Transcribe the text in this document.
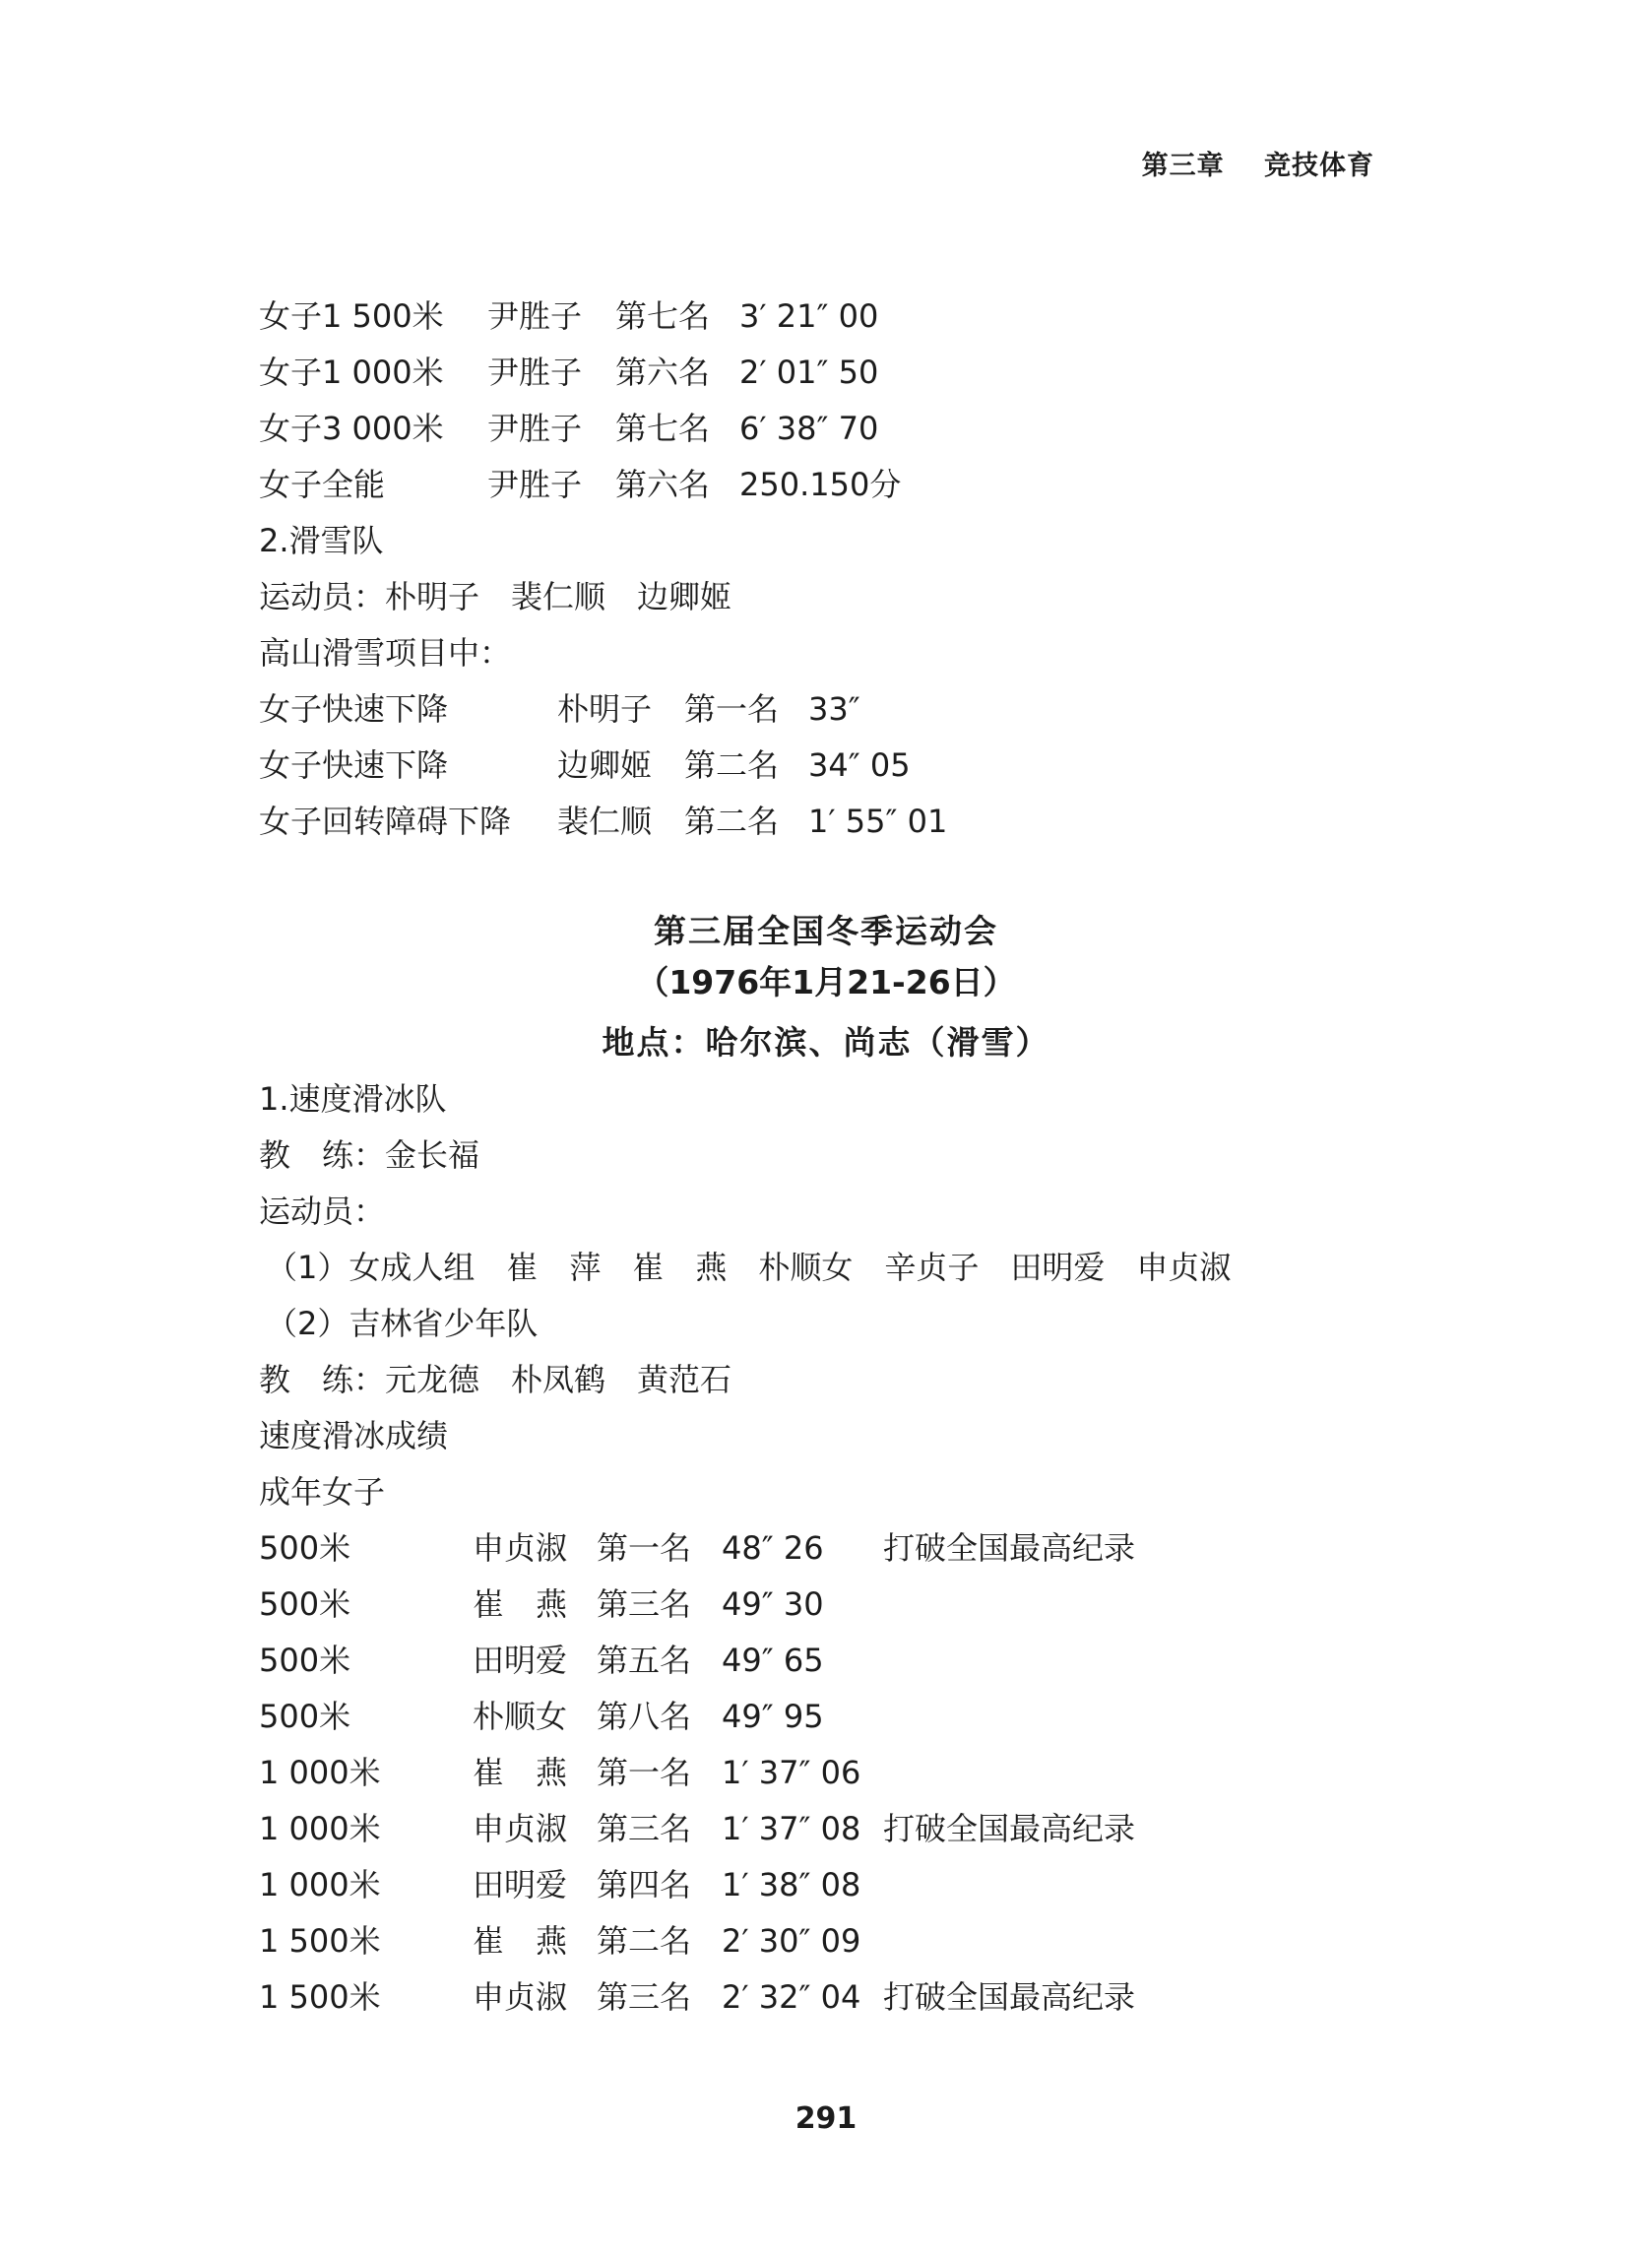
第三章 竞技体育
女子1 500米 尹胜子 第七名 3′ 21″ 00
女子1 000米 尹胜子 第六名 2′ 01″ 50
女子3 000米 尹胜子 第七名 6′ 38″ 70
女子全能	尹胜子 第六名 250.150分
2.滑雪队
运动员：朴明子　裴仁顺　边卿姬
高山滑雪项目中：
女子快速下降	朴明子 第一名 33″
女子快速下降	边卿姬 第二名 34″ 05
女子回转障碍下降 裴仁顺 第二名 1′ 55″ 01
第三届全国冬季运动会
（1976年1月21-26日）
地点：哈尔滨、尚志（滑雪）
1.速度滑冰队
教　练：金长福
运动员：
（1）女成人组　崔　萍　崔　燕　朴顺女　辛贞子　田明爱　申贞淑
（2）吉林省少年队
教　练：元龙德　朴凤鹤　黄范石
速度滑冰成绩
成年女子
500米	申贞淑 第一名 48″ 26 打破全国最高纪录
500米	崔　燕 第三名 49″ 30
500米	田明爱 第五名 49″ 65
500米	朴顺女 第八名 49″ 95
1 000米	崔　燕 第一名 1′ 37″ 06
1 000米	申贞淑 第三名 1′ 37″ 08 打破全国最高纪录
1 000米	田明爱 第四名 1′ 38″ 08
1 500米	崔　燕 第二名 2′ 30″ 09
1 500米	申贞淑 第三名 2′ 32″ 04 打破全国最高纪录
291
